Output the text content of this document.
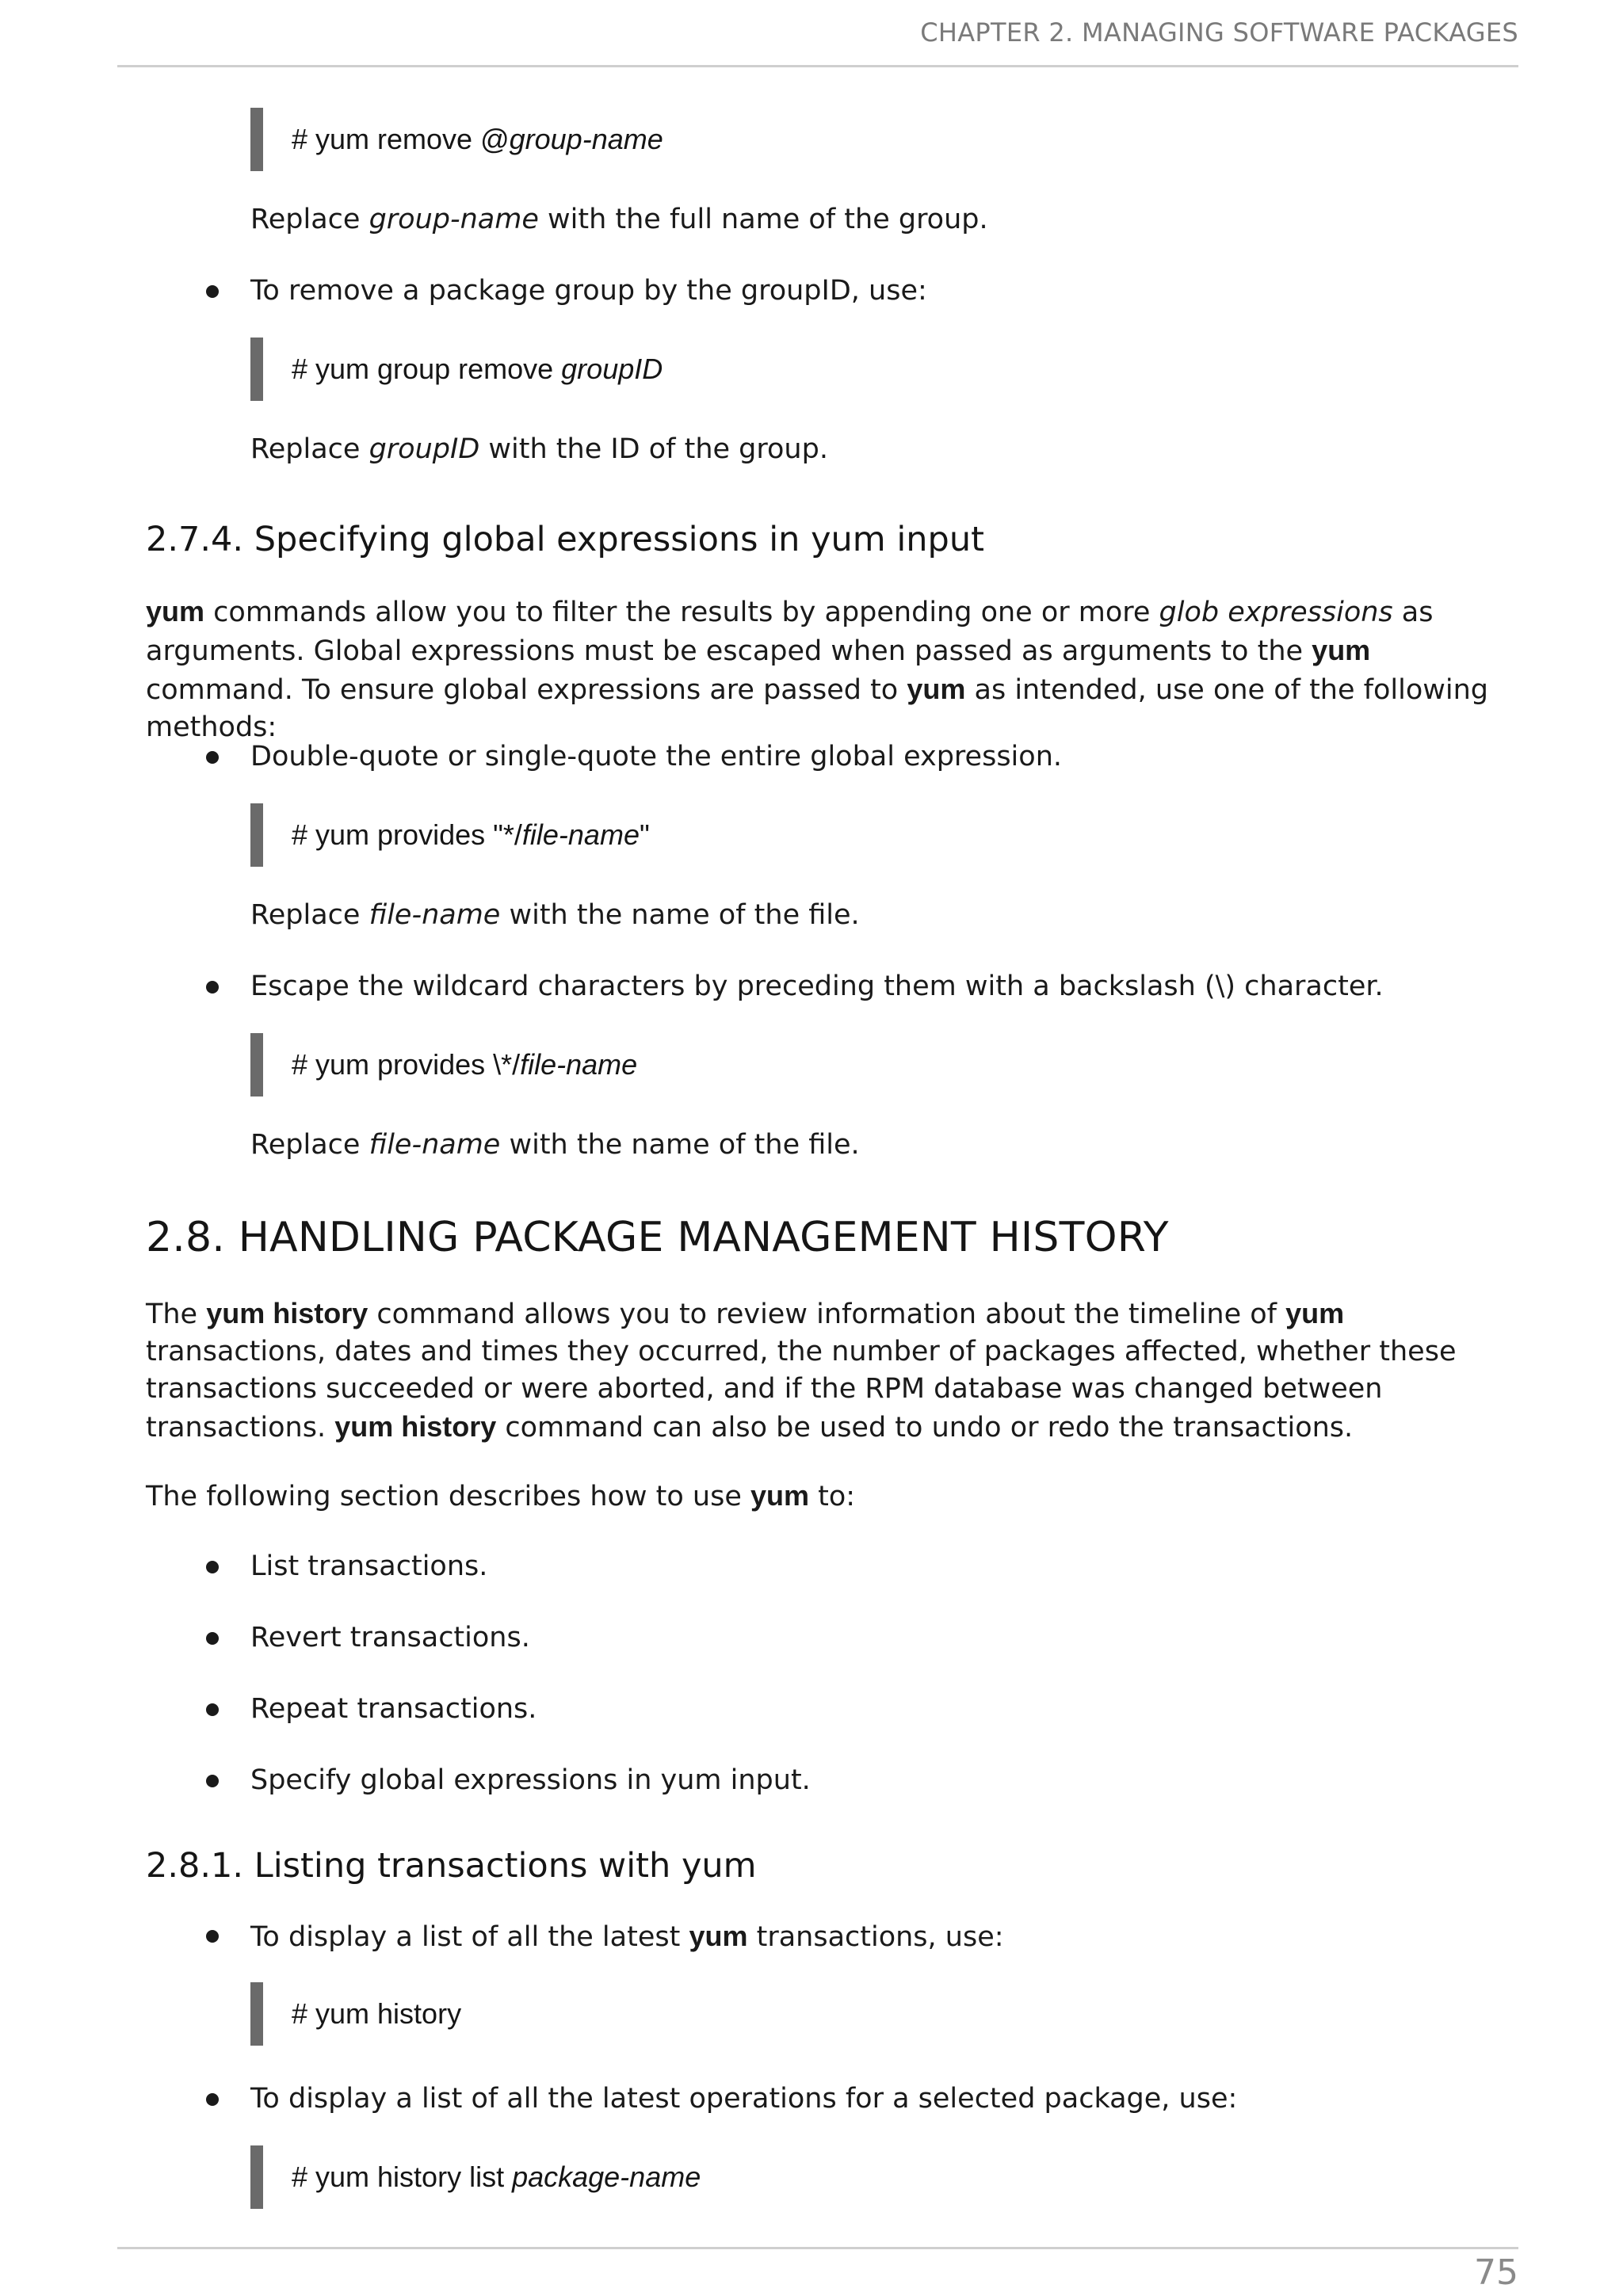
CHAPTER 2. MANAGING SOFTWARE PACKAGES
# yum remove @group-name
Replace group-name with the full name of the group.
To remove a package group by the groupID, use:
# yum group remove groupID
Replace groupID with the ID of the group.
2.7.4. Specifying global expressions in yum input
yum commands allow you to filter the results by appending one or more glob expressions as arguments. Global expressions must be escaped when passed as arguments to the yum command. To ensure global expressions are passed to yum as intended, use one of the following methods:
Double-quote or single-quote the entire global expression.
# yum provides "*/file-name"
Replace file-name with the name of the file.
Escape the wildcard characters by preceding them with a backslash (\) character.
# yum provides \*/file-name
Replace file-name with the name of the file.
2.8. HANDLING PACKAGE MANAGEMENT HISTORY
The yum history command allows you to review information about the timeline of yum transactions, dates and times they occurred, the number of packages affected, whether these transactions succeeded or were aborted, and if the RPM database was changed between transactions. yum history command can also be used to undo or redo the transactions.
The following section describes how to use yum to:
List transactions.
Revert transactions.
Repeat transactions.
Specify global expressions in yum input.
2.8.1. Listing transactions with yum
To display a list of all the latest yum transactions, use:
# yum history
To display a list of all the latest operations for a selected package, use:
# yum history list package-name
75
